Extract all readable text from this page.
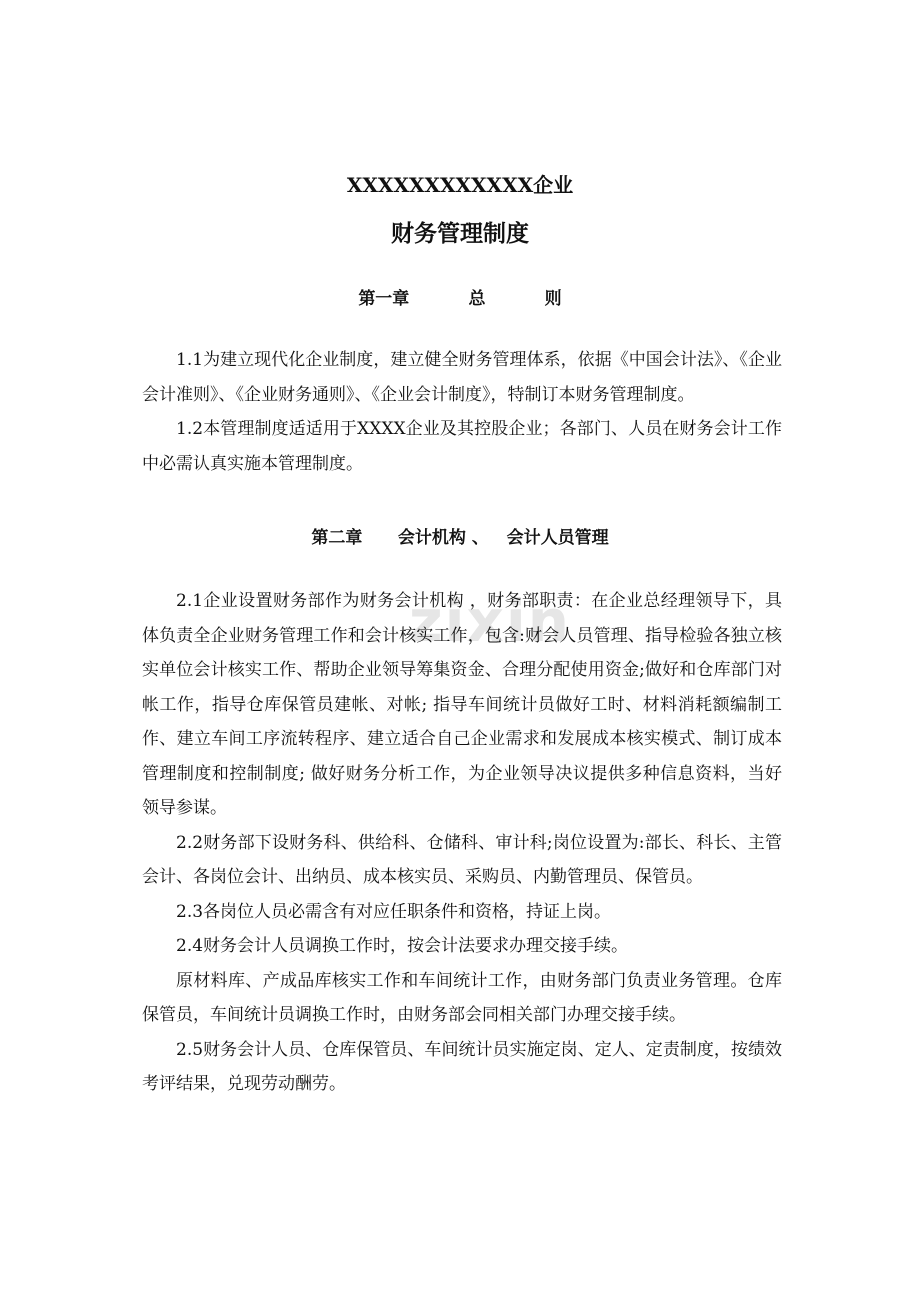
zixin
XXXXXXXXXXXX企业
财务管理制度
第一章          总          则

1.1为建立现代化企业制度，建立健全财务管理体系，依据《中国会计法》、《企业会计准则》、《企业财务通则》、《企业会计制度》，特制订本财务管理制度。

1.2本管理制度适适用于XXXX企业及其控股企业；各部门、人员在财务会计工作中必需认真实施本管理制度。

第二章      会计机构 、   会计人员管理

2.1企业设置财务部作为财务会计机构 ，财务部职责：在企业总经理领导下，具体负责全企业财务管理工作和会计核实工作，包含:财会人员管理、指导检验各独立核实单位会计核实工作、帮助企业领导筹集资金、合理分配使用资金;做好和仓库部门对帐工作，指导仓库保管员建帐、对帐; 指导车间统计员做好工时、材料消耗额编制工作、建立车间工序流转程序、建立适合自己企业需求和发展成本核实模式、制订成本管理制度和控制制度; 做好财务分析工作，为企业领导决议提供多种信息资料，当好领导参谋。

2.2财务部下设财务科、供给科、仓储科、审计科;岗位设置为:部长、科长、主管会计、各岗位会计、出纳员、成本核实员、采购员、内勤管理员、保管员。

2.3各岗位人员必需含有对应任职条件和资格，持证上岗。

2.4财务会计人员调换工作时，按会计法要求办理交接手续。

原材料库、产成品库核实工作和车间统计工作，由财务部门负责业务管理。仓库保管员，车间统计员调换工作时，由财务部会同相关部门办理交接手续。

2.5财务会计人员、仓库保管员、车间统计员实施定岗、定人、定责制度，按绩效考评结果，兑现劳动酬劳。
